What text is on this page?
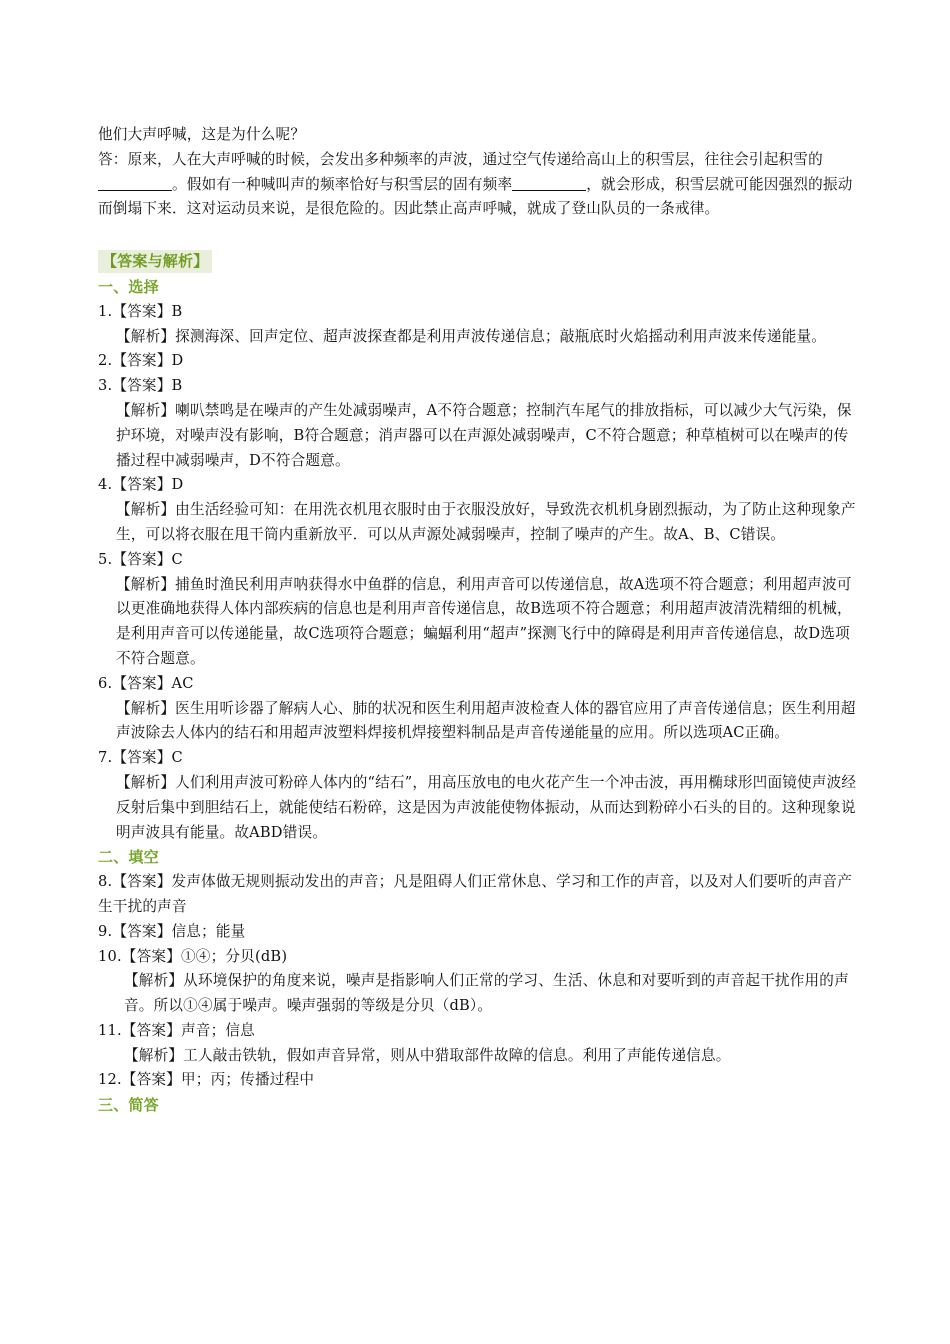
他们大声呼喊，这是为什么呢？

答：原来，人在大声呼喊的时候，会发出多种频率的声波，通过空气传递给高山上的积雪层，往往会引起积雪的。假如有一种喊叫声的频率恰好与积雪层的固有频率	，就会形成，积雪层就可能因强烈的振动而倒塌下来．这对运动员来说，是很危险的。因此禁止高声呼喊，就成了登山队员的一条戒律。

【答案与解析】

一、选择

1.【答案】B

【解析】探测海深、回声定位、超声波探查都是利用声波传递信息；敲瓶底时火焰摇动利用声波来传递能量。

2.【答案】D

3.【答案】B

【解析】喇叭禁鸣是在噪声的产生处减弱噪声，A不符合题意；控制汽车尾气的排放指标，可以减少大气污染，保护环境，对噪声没有影响，B符合题意；消声器可以在声源处减弱噪声，C不符合题意；种草植树可以在噪声的传播过程中减弱噪声，D不符合题意。

4.【答案】D

【解析】由生活经验可知：在用洗衣机甩衣服时由于衣服没放好，导致洗衣机机身剧烈振动，为了防止这种现象产生，可以将衣服在甩干筒内重新放平．可以从声源处减弱噪声，控制了噪声的产生。故A、B、C错误。

5.【答案】C

【解析】捕鱼时渔民利用声呐获得水中鱼群的信息，利用声音可以传递信息，故A选项不符合题意；利用超声波可以更准确地获得人体内部疾病的信息也是利用声音传递信息，故B选项不符合题意；利用超声波清洗精细的机械，是利用声音可以传递能量，故C选项符合题意；蝙蝠利用“超声”探测飞行中的障碍是利用声音传递信息，故D选项不符合题意。

6.【答案】AC

【解析】医生用听诊器了解病人心、肺的状况和医生利用超声波检查人体的器官应用了声音传递信息；医生利用超声波除去人体内的结石和用超声波塑料焊接机焊接塑料制品是声音传递能量的应用。所以选项AC正确。

7.【答案】C

【解析】人们利用声波可粉碎人体内的“结石”，用高压放电的电火花产生一个冲击波，再用椭球形凹面镜使声波经反射后集中到胆结石上，就能使结石粉碎，这是因为声波能使物体振动，从而达到粉碎小石头的目的。这种现象说明声波具有能量。故ABD错误。

二、填空

8.【答案】发声体做无规则振动发出的声音；凡是阻碍人们正常休息、学习和工作的声音，以及对人们要听的声音产生干扰的声音

9.【答案】信息；能量

10.【答案】①④；分贝(dB)

【解析】从环境保护的角度来说，噪声是指影响人们正常的学习、生活、休息和对要听到的声音起干扰作用的声音。所以①④属于噪声。噪声强弱的等级是分贝（dB）。

11.【答案】声音；信息

【解析】工人敲击铁轨，假如声音异常，则从中猎取部件故障的信息。利用了声能传递信息。

12.【答案】甲；丙；传播过程中

三、简答
